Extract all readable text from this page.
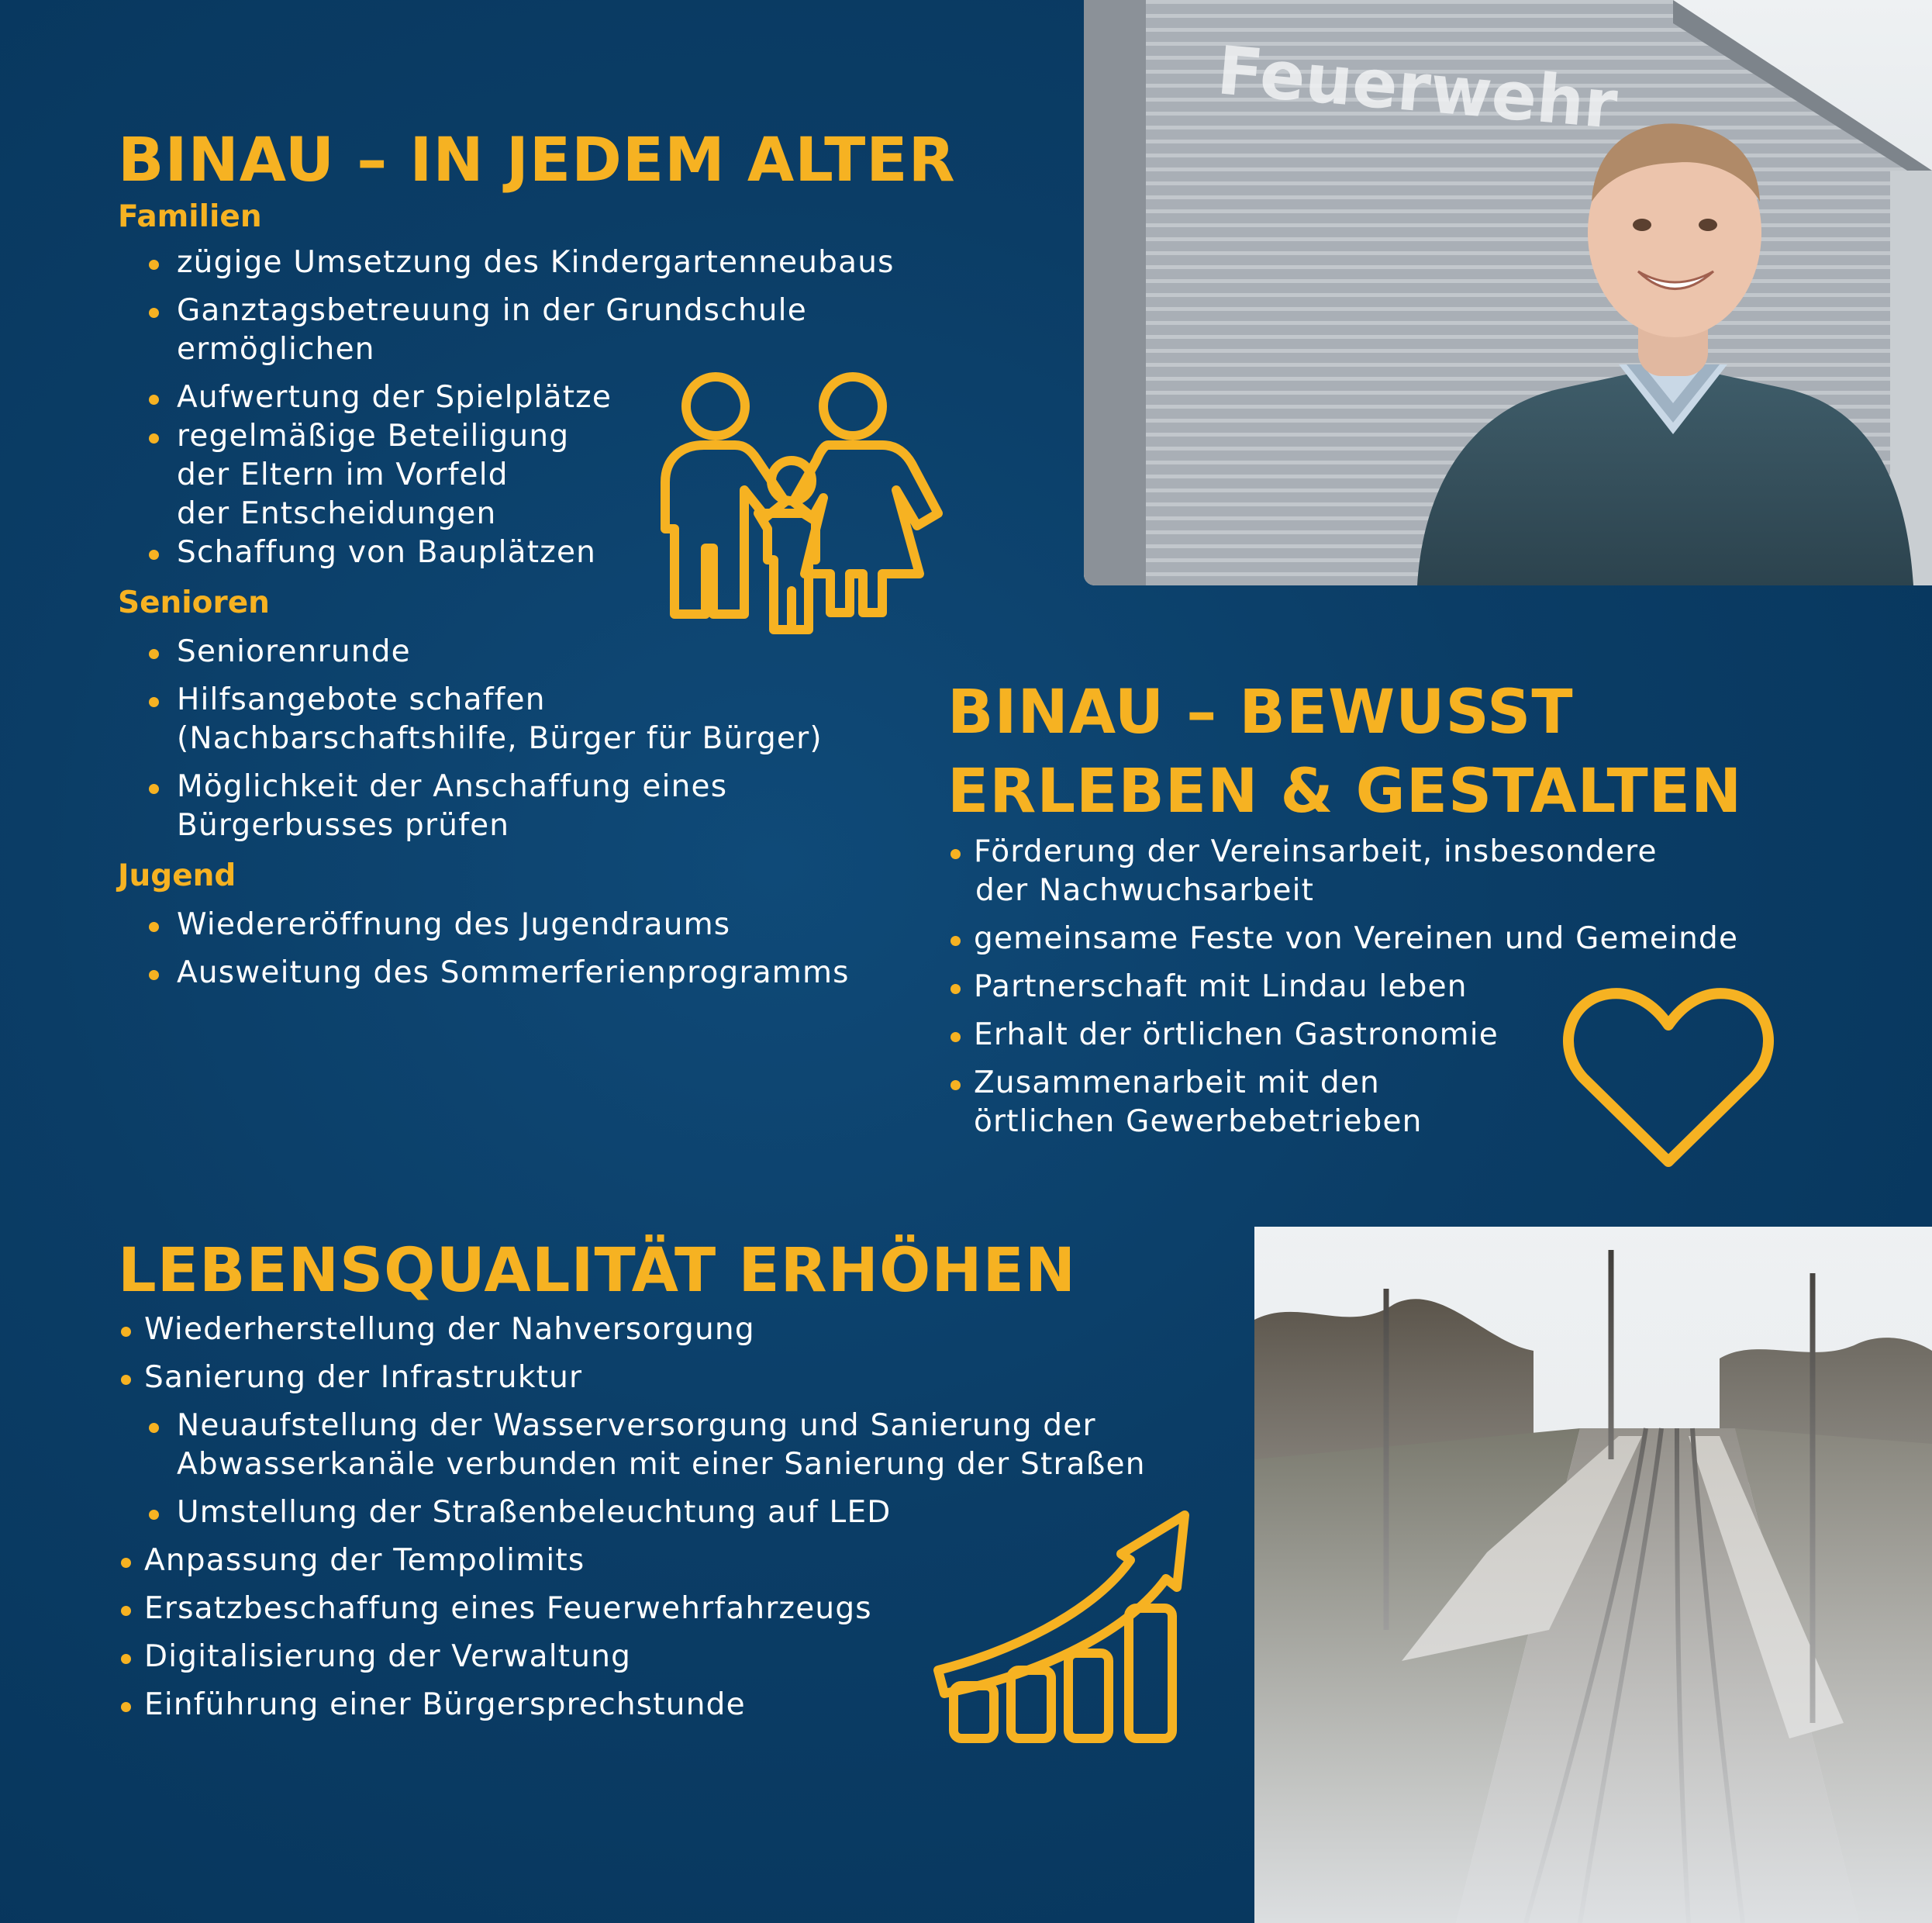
Feuerwehr
BINAU – IN JEDEM ALTER

Familien

zügige Umsetzung des Kindergartenneubaus
Ganztagsbetreuung in der Grundschule
ermöglichen
Aufwertung der Spielplätze
regelmäßige Beteiligung
der Eltern im Vorfeld
der Entscheidungen
Schaffung von Bauplätzen

Senioren

Seniorenrunde
Hilfsangebote schaffen
(Nachbarschaftshilfe, Bürger für Bürger)
Möglichkeit der Anschaffung eines
Bürgerbusses prüfen

Jugend

Wiedereröffnung des Jugendraums
Ausweitung des Sommerferienprogramms
BINAU – BEWUSST
ERLEBEN & GESTALTEN
Förderung der Vereinsarbeit, insbesondere
der Nachwuchsarbeit
gemeinsame Feste von Vereinen und Gemeinde
Partnerschaft mit Lindau leben
Erhalt der örtlichen Gastronomie
Zusammenarbeit mit den
örtlichen Gewerbebetrieben
LEBENSQUALITÄT ERHÖHEN
Wiederherstellung der Nahversorgung
Sanierung der Infrastruktur
Neuaufstellung der Wasserversorgung und Sanierung der
Abwasserkanäle verbunden mit einer Sanierung der Straßen
Umstellung der Straßenbeleuchtung auf LED
Anpassung der Tempolimits
Ersatzbeschaffung eines Feuerwehrfahrzeugs
Digitalisierung der Verwaltung
Einführung einer Bürgersprechstunde
